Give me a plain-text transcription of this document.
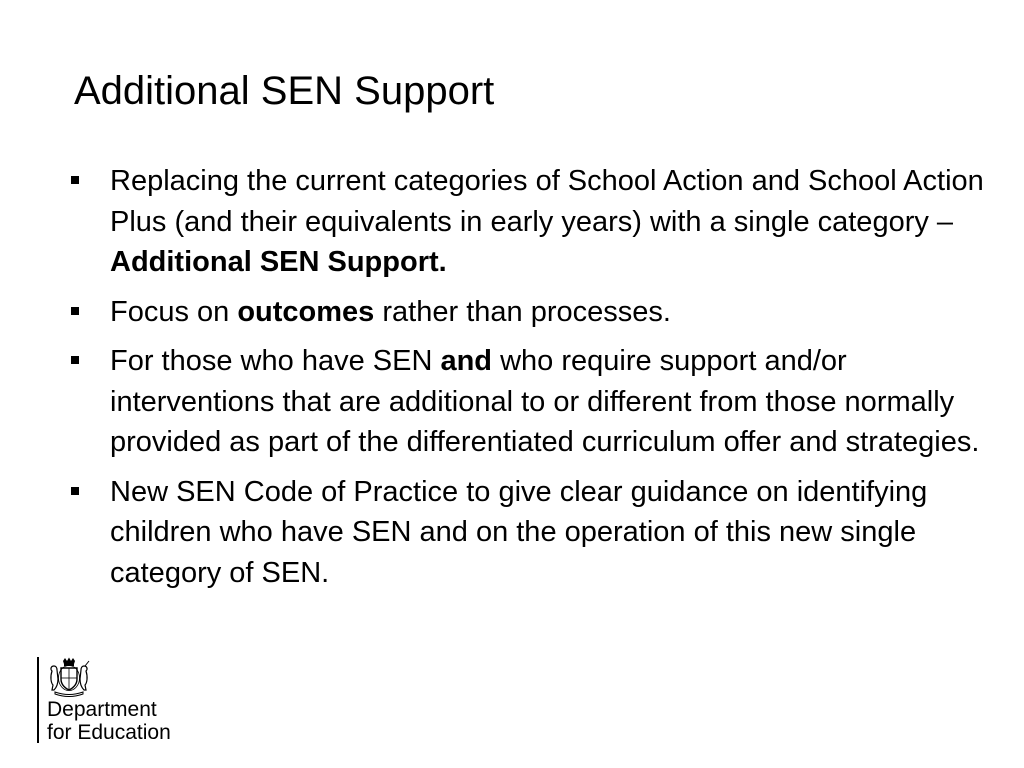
Additional SEN Support
Replacing the current categories of School Action and School Action Plus (and their equivalents in early years) with a single category – Additional SEN Support.
Focus on outcomes rather than processes.
For those who have SEN and who require support and/or interventions that are additional to or different from those normally provided as part of the differentiated curriculum offer and strategies.
New SEN Code of Practice to give clear guidance on identifying children who have SEN and on the operation of this new single category of SEN.
Department
for Education
